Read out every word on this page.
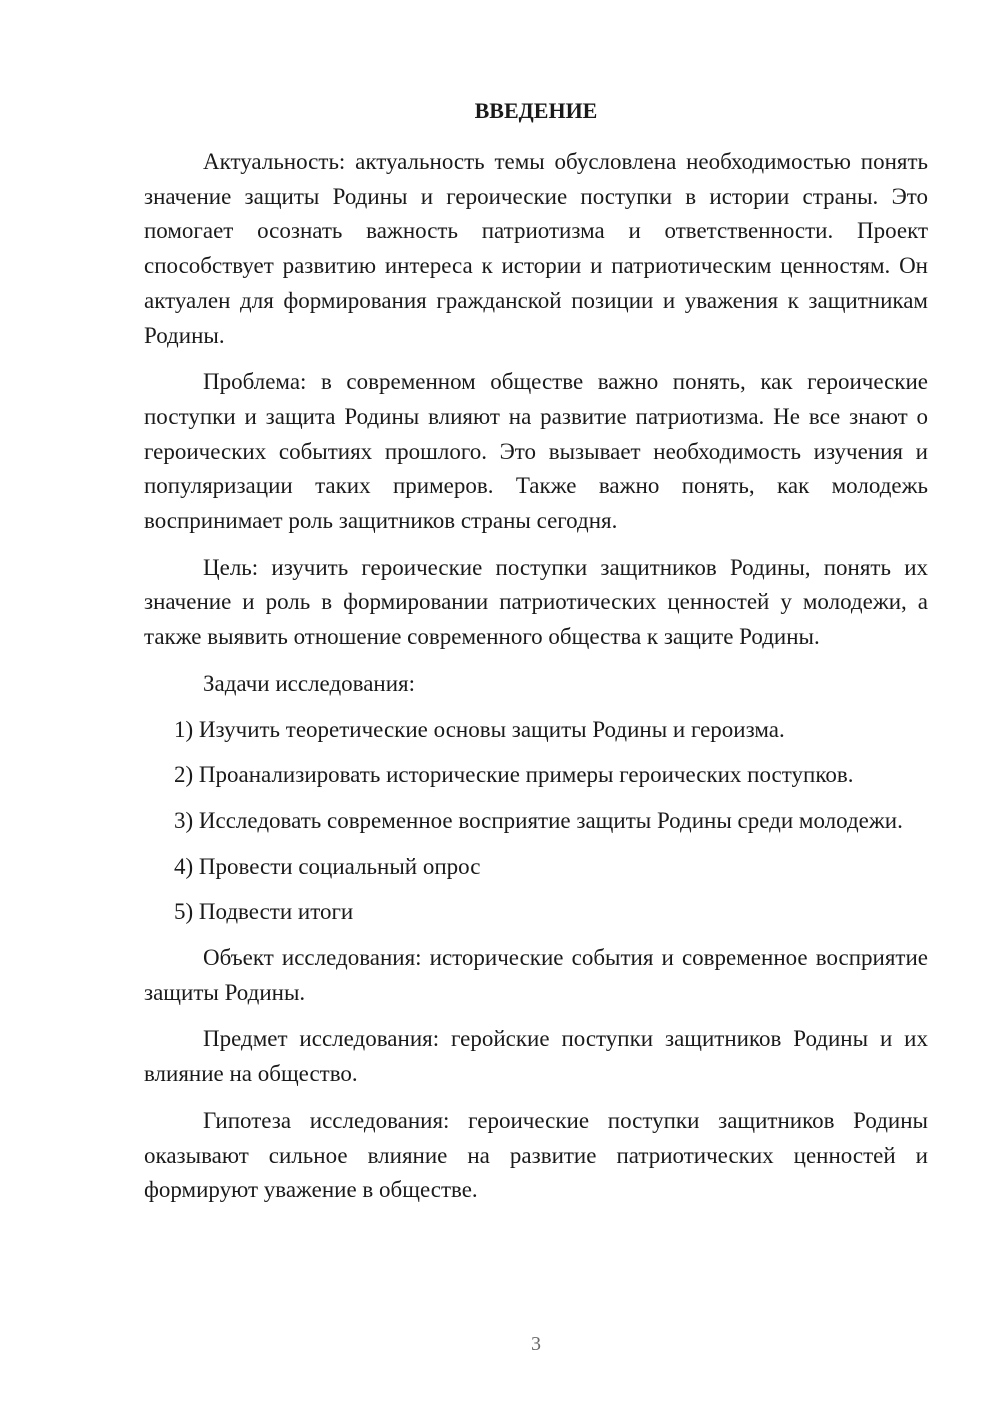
ВВЕДЕНИЕ

Актуальность: актуальность темы обусловлена необходимостью понять значение защиты Родины и героические поступки в истории страны. Это помогает осознать важность патриотизма и ответственности. Проект способствует развитию интереса к истории и патриотическим ценностям. Он актуален для формирования гражданской позиции и уважения к защитникам Родины.

Проблема: в современном обществе важно понять, как героические поступки и защита Родины влияют на развитие патриотизма. Не все знают о героических событиях прошлого. Это вызывает необходимость изучения и популяризации таких примеров. Также важно понять, как молодежь воспринимает роль защитников страны сегодня.

Цель: изучить героические поступки защитников Родины, понять их значение и роль в формировании патриотических ценностей у молодежи, а также выявить отношение современного общества к защите Родины.

Задачи исследования:

1) Изучить теоретические основы защиты Родины и героизма.

2) Проанализировать исторические примеры героических поступков.

3) Исследовать современное восприятие защиты Родины среди молодежи.

4) Провести социальный опрос

5) Подвести итоги

Объект исследования: исторические события и современное восприятие защиты Родины.

Предмет исследования: геройские поступки защитников Родины и их влияние на общество.

Гипотеза исследования: героические поступки защитников Родины оказывают сильное влияние на развитие патриотических ценностей и формируют уважение в обществе.

3
